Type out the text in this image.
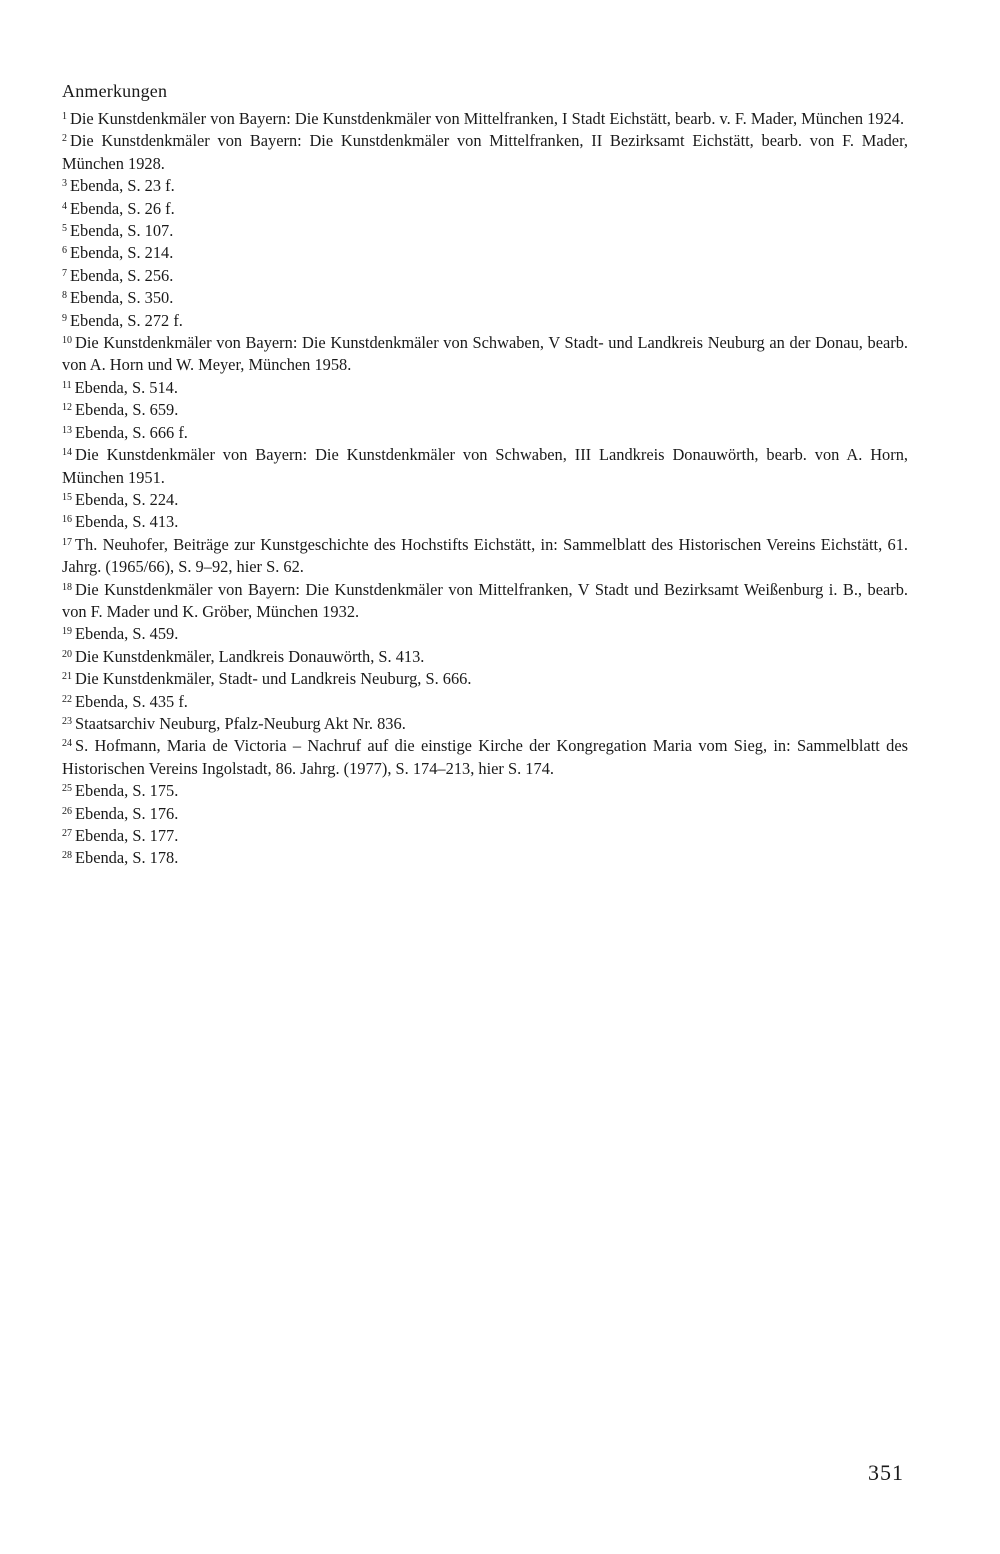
Anmerkungen
$^1$ Die Kunstdenkmäler von Bayern: Die Kunstdenkmäler von Mittelfranken, I Stadt Eichstätt, bearb. v. F. Mader, München 1924.
$^2$ Die Kunstdenkmäler von Bayern: Die Kunstdenkmäler von Mittelfranken, II Bezirksamt Eichstätt, bearb. von F. Mader, München 1928.
$^3$ Ebenda, S. 23 f.
$^4$ Ebenda, S. 26 f.
$^5$ Ebenda, S. 107.
$^6$ Ebenda, S. 214.
$^7$ Ebenda, S. 256.
$^8$ Ebenda, S. 350.
$^9$ Ebenda, S. 272 f.
$^{10}$ Die Kunstdenkmäler von Bayern: Die Kunstdenkmäler von Schwaben, V Stadt- und Landkreis Neuburg an der Donau, bearb. von A. Horn und W. Meyer, München 1958.
$^{11}$ Ebenda, S. 514.
$^{12}$ Ebenda, S. 659.
$^{13}$ Ebenda, S. 666 f.
$^{14}$ Die Kunstdenkmäler von Bayern: Die Kunstdenkmäler von Schwaben, III Landkreis Donauwörth, bearb. von A. Horn, München 1951.
$^{15}$ Ebenda, S. 224.
$^{16}$ Ebenda, S. 413.
$^{17}$ Th. Neuhofer, Beiträge zur Kunstgeschichte des Hochstifts Eichstätt, in: Sammelblatt des Historischen Vereins Eichstätt, 61. Jahrg. (1965/66), S. 9–92, hier S. 62.
$^{18}$ Die Kunstdenkmäler von Bayern: Die Kunstdenkmäler von Mittelfranken, V Stadt und Bezirksamt Weißenburg i. B., bearb. von F. Mader und K. Gröber, München 1932.
$^{19}$ Ebenda, S. 459.
$^{20}$ Die Kunstdenkmäler, Landkreis Donauwörth, S. 413.
$^{21}$ Die Kunstdenkmäler, Stadt- und Landkreis Neuburg, S. 666.
$^{22}$ Ebenda, S. 435 f.
$^{23}$ Staatsarchiv Neuburg, Pfalz-Neuburg Akt Nr. 836.
$^{24}$ S. Hofmann, Maria de Victoria – Nachruf auf die einstige Kirche der Kongregation Maria vom Sieg, in: Sammelblatt des Historischen Vereins Ingolstadt, 86. Jahrg. (1977), S. 174–213, hier S. 174.
$^{25}$ Ebenda, S. 175.
$^{26}$ Ebenda, S. 176.
$^{27}$ Ebenda, S. 177.
$^{28}$ Ebenda, S. 178.
351
